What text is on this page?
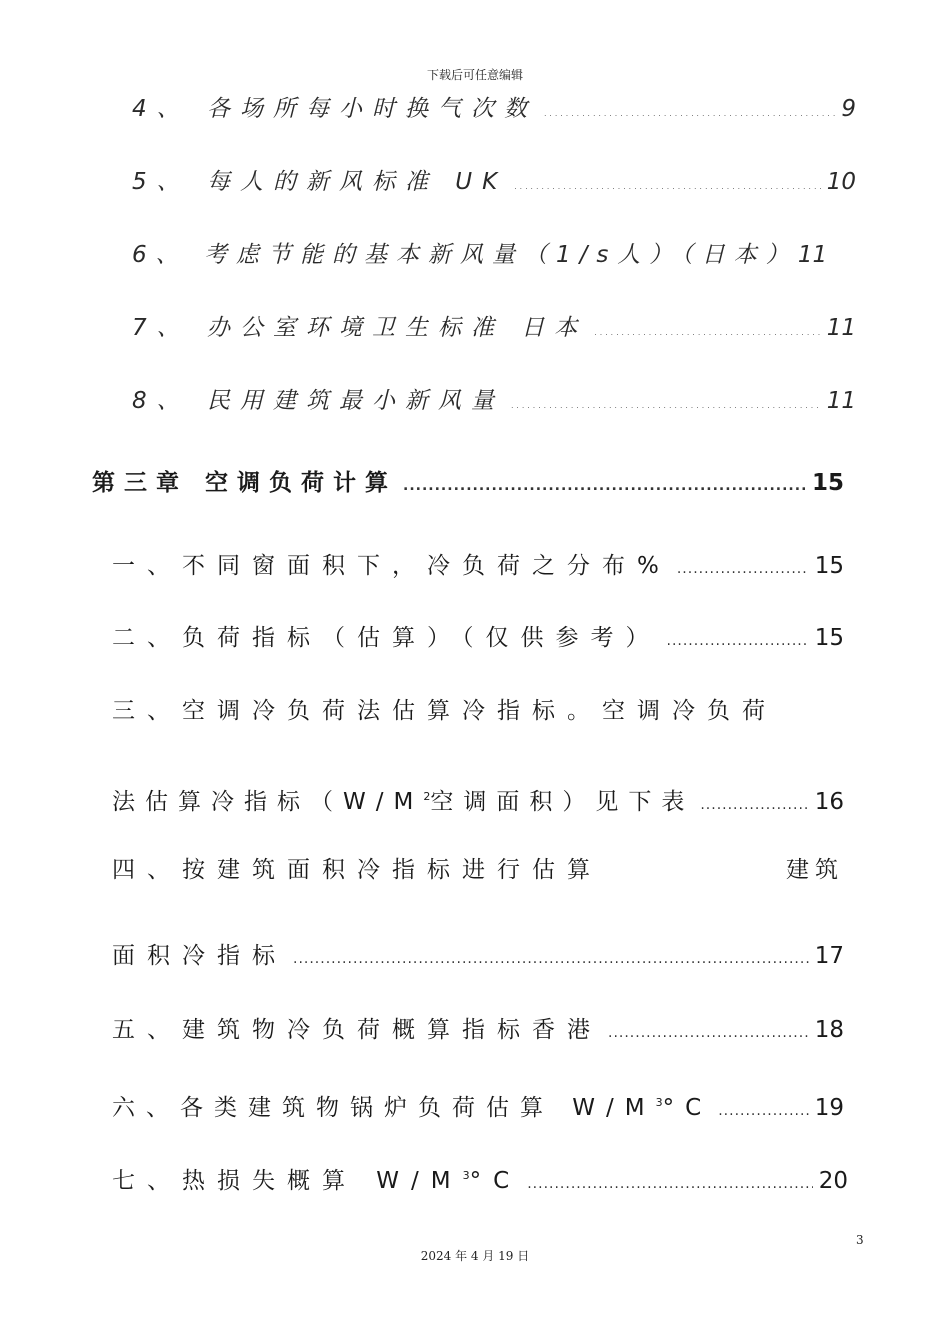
下载后可任意编辑
4、 各场所每小时换气次数 .....	9
5、 每人的新风标准 UK .....	10
6、 考虑节能的基本新风量（1/s人）（日本） 11
7、 办公室环境卫生标准 日本 .....	11
8、 民用建筑最小新风量 .....	11
第三章 空调负荷计算 .....	15
一、不同窗面积下，冷负荷之分布% .....	15
二、负荷指标（估算）（仅供参考） .....	15
三、空调冷负荷法估算冷指标。空调冷负荷
法估算冷指标（$W/M^2$空调面积）见下表 .....	16
四、按建筑面积冷指标进行估算	建筑
面积冷指标 .....	17
五、建筑物冷负荷概算指标香港 .....	18
六、各类建筑物锅炉负荷估算 $W/M^3^\circ C$ .....	19
七、热损失概算 $W/M^3^\circ C$ .....	20
3
2024 年 4 月 19 日
